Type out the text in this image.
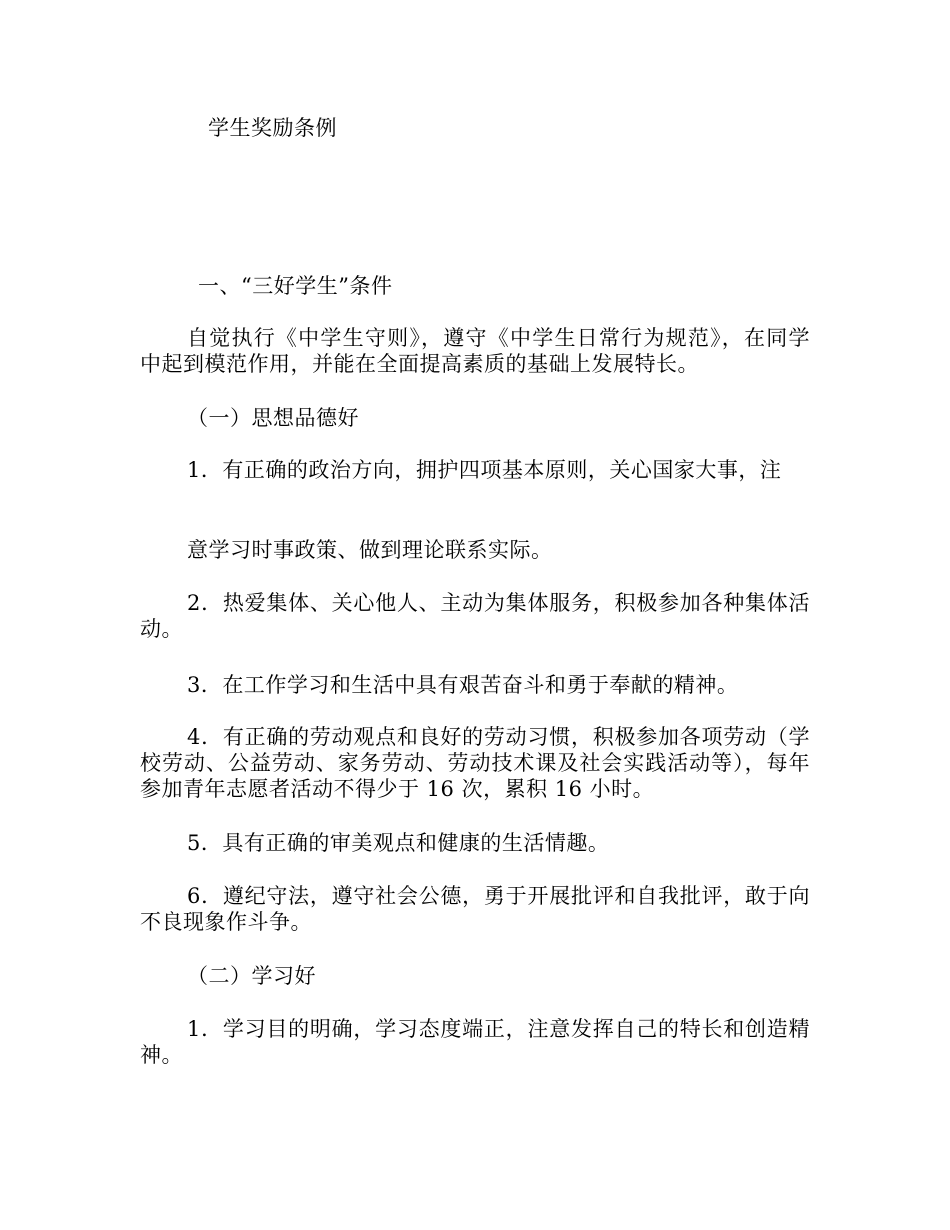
学生奖励条例
一、“三好学生”条件
自觉执行《中学生守则》，遵守《中学生日常行为规范》，在同学中起到模范作用，并能在全面提高素质的基础上发展特长。
（一）思想品德好
1．有正确的政治方向，拥护四项基本原则，关心国家大事，注
意学习时事政策、做到理论联系实际。
2．热爱集体、关心他人、主动为集体服务，积极参加各种集体活动。
3．在工作学习和生活中具有艰苦奋斗和勇于奉献的精神。
4．有正确的劳动观点和良好的劳动习惯，积极参加各项劳动（学校劳动、公益劳动、家务劳动、劳动技术课及社会实践活动等），每年参加青年志愿者活动不得少于 16 次，累积 16 小时。
5．具有正确的审美观点和健康的生活情趣。
6．遵纪守法，遵守社会公德，勇于开展批评和自我批评，敢于向不良现象作斗争。
（二）学习好
1．学习目的明确，学习态度端正，注意发挥自己的特长和创造精神。
